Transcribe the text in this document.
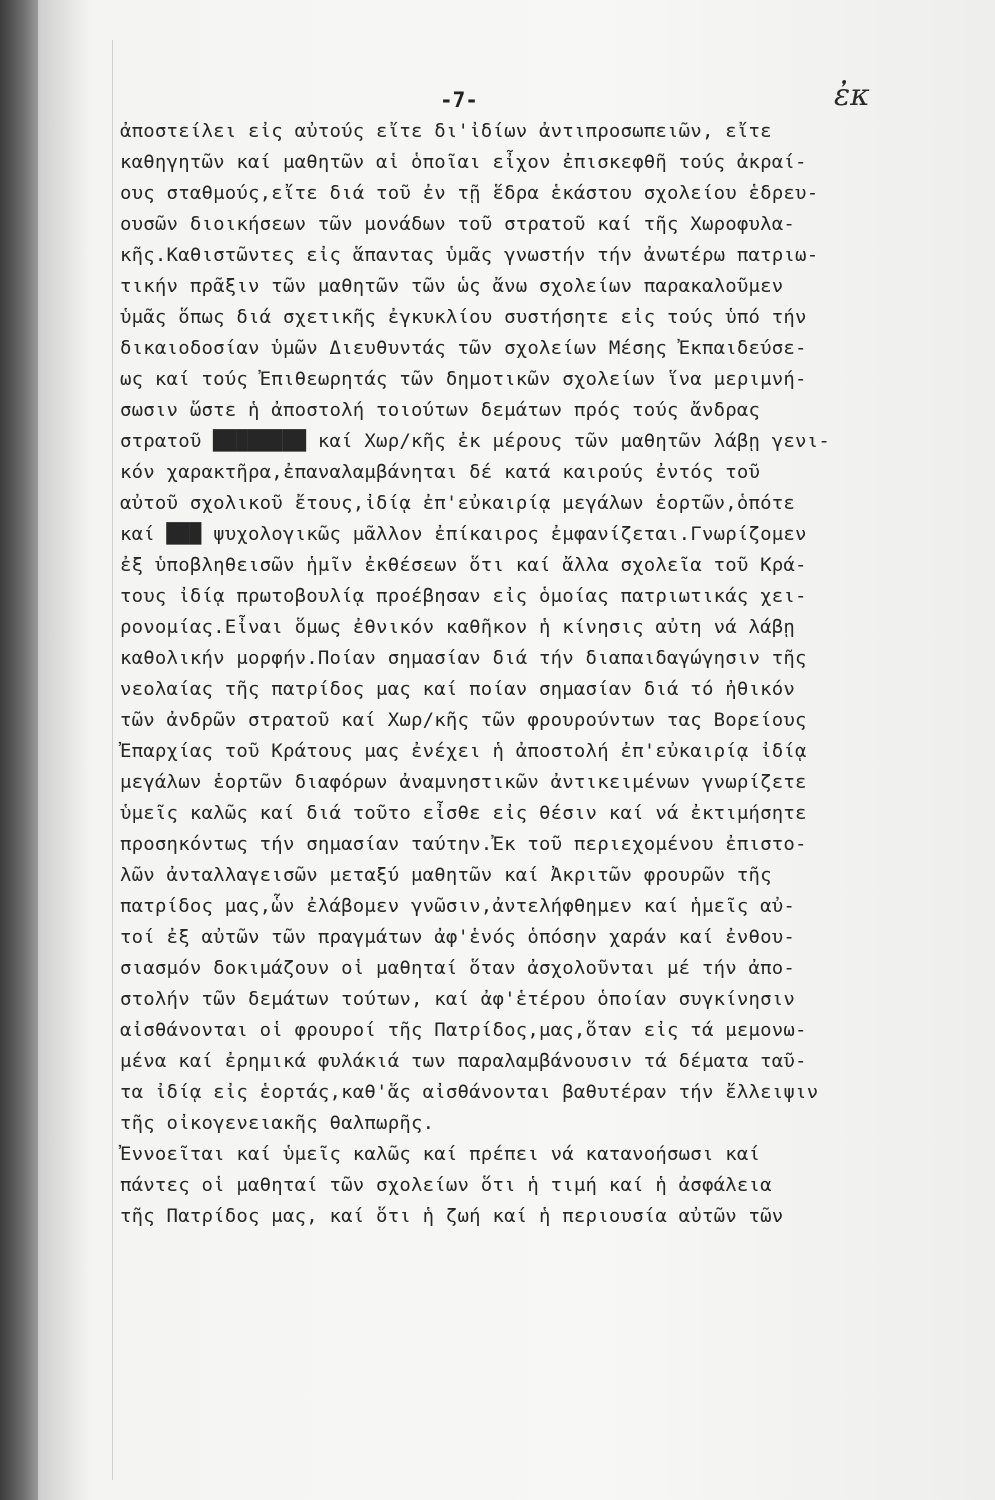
-7-	ἐκ
ἀποστείλει εἰς αὐτούς εἴτε δι'ἰδίων ἀντιπροσωπειῶν, εἴτε
καθηγητῶν καί μαθητῶν αἱ ὁποῖαι εἶχον ἐπισκεφθῆ τούς ἀκραί-
ους σταθμούς,εἴτε διά τοῦ ἐν τῇ ἕδρα ἑκάστου σχολείου ἑδρευ-
ουσῶν διοικήσεων τῶν μονάδων τοῦ στρατοῦ καί τῆς Χωροφυλα-
κῆς.Καθιστῶντες εἰς ἅπαντας ὑμᾶς γνωστήν τήν ἀνωτέρω πατριω-
τικήν πρᾶξιν τῶν μαθητῶν τῶν ὡς ἄνω σχολείων παρακαλοῦμεν
ὑμᾶς ὅπως διά σχετικῆς ἐγκυκλίου συστήσητε εἰς τούς ὑπό τήν
δικαιοδοσίαν ὑμῶν Διευθυντάς τῶν σχολείων Μέσης Ἐκπαιδεύσε-
ως καί τούς Ἐπιθεωρητάς τῶν δημοτικῶν σχολείων ἵνα μεριμνή-
σωσιν ὥστε ἡ ἀποστολή τοιούτων δεμάτων πρός τούς ἄνδρας
στρατοῦ ████████ καί Χωρ/κῆς ἐκ μέρους τῶν μαθητῶν λάβῃ γενι-
κόν χαρακτῆρα,ἐπαναλαμβάνηται δέ κατά καιρούς ἐντός τοῦ
αὐτοῦ σχολικοῦ ἔτους,ἰδίᾳ ἐπ'εὐκαιρίᾳ μεγάλων ἑορτῶν,ὁπότε
καί ███ ψυχολογικῶς μᾶλλον ἐπίκαιρος ἐμφανίζεται.Γνωρίζομεν
ἐξ ὑποβληθεισῶν ἡμῖν ἐκθέσεων ὅτι καί ἄλλα σχολεῖα τοῦ Κρά-
τους ἰδίᾳ πρωτοβουλίᾳ προέβησαν εἰς ὁμοίας πατριωτικάς χει-
ρονομίας.Εἶναι ὅμως ἐθνικόν καθῆκον ἡ κίνησις αὐτη νά λάβῃ
καθολικήν μορφήν.Ποίαν σημασίαν διά τήν διαπαιδαγώγησιν τῆς
νεολαίας τῆς πατρίδος μας καί ποίαν σημασίαν διά τό ἠθικόν
τῶν ἀνδρῶν στρατοῦ καί Χωρ/κῆς τῶν φρουρούντων τας Βορείους
Ἐπαρχίας τοῦ Κράτους μας ἐνέχει ἡ ἀποστολή ἐπ'εὐκαιρίᾳ ἰδίᾳ
μεγάλων ἑορτῶν διαφόρων ἀναμνηστικῶν ἀντικειμένων γνωρίζετε
ὑμεῖς καλῶς καί διά τοῦτο εἶσθε εἰς θέσιν καί νά ἐκτιμήσητε
προσηκόντως τήν σημασίαν ταύτην.Ἐκ τοῦ περιεχομένου ἐπιστο-
λῶν ἀνταλλαγεισῶν μεταξύ μαθητῶν καί Ἀκριτῶν φρουρῶν τῆς
πατρίδος μας,ὧν ἐλάβομεν γνῶσιν,ἀντελήφθημεν καί ἡμεῖς αὐ-
τοί ἐξ αὐτῶν τῶν πραγμάτων ἀφ'ἑνός ὁπόσην χαράν καί ἐνθου-
σιασμόν δοκιμάζουν οἱ μαθηταί ὅταν ἀσχολοῦνται μέ τήν ἀπο-
στολήν τῶν δεμάτων τούτων, καί ἀφ'ἑτέρου ὁποίαν συγκίνησιν
αἰσθάνονται οἱ φρουροί τῆς Πατρίδος,μας,ὅταν εἰς τά μεμονω-
μένα καί ἐρημικά φυλάκιά των παραλαμβάνουσιν τά δέματα ταῦ-
τα ἰδίᾳ εἰς ἑορτάς,καθ'ἅς αἰσθάνονται βαθυτέραν τήν ἔλλειψιν
τῆς οἰκογενειακῆς θαλπωρῆς.
Ἐννοεῖται καί ὑμεῖς καλῶς καί πρέπει νά κατανοήσωσι καί
πάντες οἱ μαθηταί τῶν σχολείων ὅτι ἡ τιμή καί ἡ ἀσφάλεια
τῆς Πατρίδος μας, καί ὅτι ἡ ζωή καί ἡ περιουσία αὐτῶν τῶν
